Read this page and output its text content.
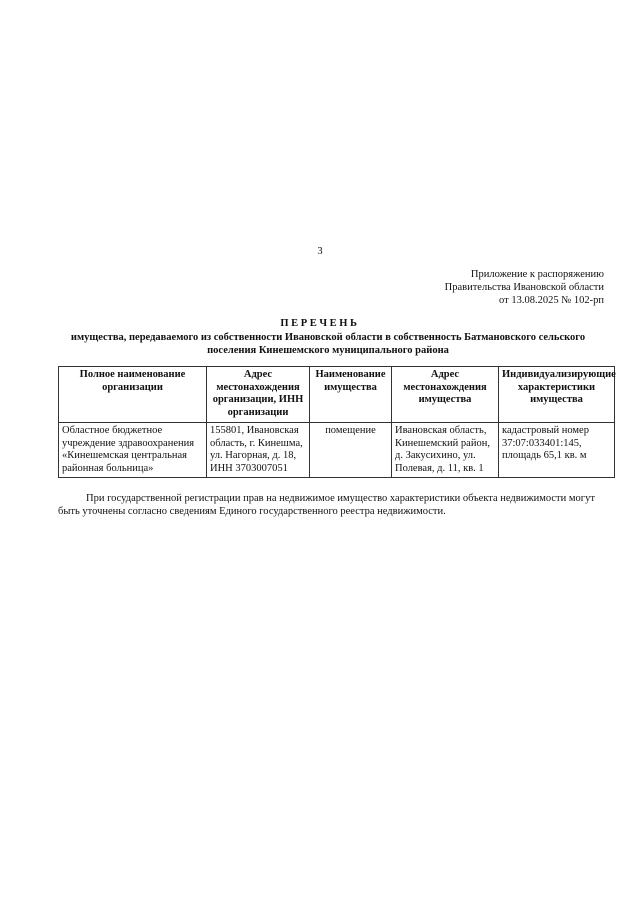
3
Приложение к распоряжению
Правительства Ивановской области
от 13.08.2025 № 102-рп
ПЕРЕЧЕНЬ
имущества, передаваемого из собственности Ивановской области в собственность Батмановского сельского поселения Кинешемского муниципального района
Полное наименование организации	Адрес местонахождения организации, ИНН организации	Наименование имущества	Адрес местонахождения имущества	Индивидуализирующие характеристики имущества
Областное бюджетное учреждение здравоохранения «Кинешемская центральная районная больница»	155801, Ивановская область, г. Кинешма, ул. Нагорная, д. 18, ИНН 3703007051	помещение	Ивановская область, Кинешемский район, д. Закусихино, ул. Полевая, д. 11, кв. 1	кадастровый номер 37:07:033401:145, площадь 65,1 кв. м
При государственной регистрации прав на недвижимое имущество характеристики объекта недвижимости могут быть уточнены согласно сведениям Единого государственного реестра недвижимости.
